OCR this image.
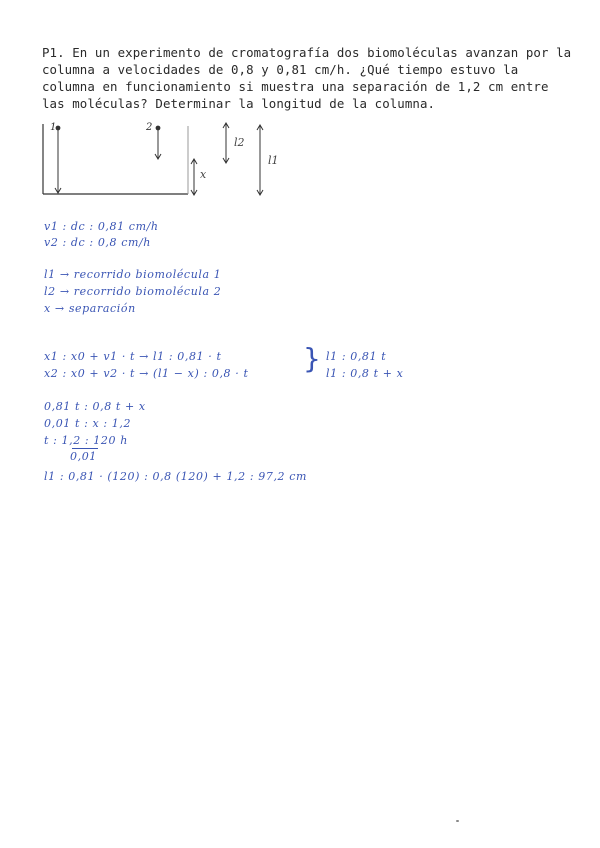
P1. En un experimento de cromatografía dos biomoléculas avanzan por la
columna a velocidades de 0,8 y 0,81 cm/h. ¿Qué tiempo estuvo la
columna en funcionamiento si muestra una separación de 1,2 cm entre
las moléculas? Determinar la longitud de la columna.
1	2
x
l2
l1
v1 : dc : 0,81 cm/h
v2 : dc : 0,8 cm/h
l1 → recorrido biomolécula 1
l2 → recorrido biomolécula 2
x → separación
x1 : x0 + v1 · t → l1 : 0,81 · t
x2 : x0 + v2 · t → (l1 − x) : 0,8 · t } l1 : 0,81 t
l1 : 0,8 t + x
0,81 t : 0,8 t + x
0,01 t : x : 1,2
t : 1,2 : 120 h
0,01
l1 : 0,81 · (120) : 0,8 (120) + 1,2 : 97,2 cm
